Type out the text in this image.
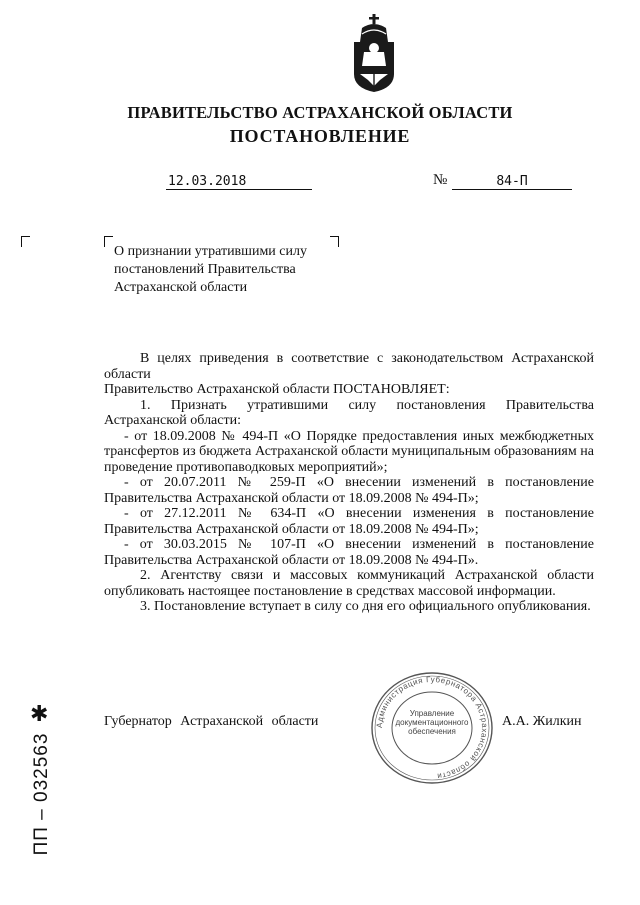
ПРАВИТЕЛЬСТВО АСТРАХАНСКОЙ ОБЛАСТИ
ПОСТАНОВЛЕНИЕ
12.03.2018	№	84-П
О признании утратившими силу
постановлений Правительства
Астраханской области

В целях приведения в соответствие с законодательством Астраханской области

Правительство Астраханской области ПОСТАНОВЛЯЕТ:

1. Признать утратившими силу постановления Правительства Астраханской области:

- от 18.09.2008 № 494-П «О Порядке предоставления иных межбюджетных трансфертов из бюджета Астраханской области муниципальным образованиям на проведение противопаводковых мероприятий»;

- от 20.07.2011 № 259-П «О внесении изменений в постановление Правительства Астраханской области от 18.09.2008 № 494-П»;

- от 27.12.2011 № 634-П «О внесении изменения в постановление Правительства Астраханской области от 18.09.2008 № 494-П»;

- от 30.03.2015 № 107-П «О внесении изменений в постановление Правительства Астраханской области от 18.09.2008 № 494-П».

2. Агентству связи и массовых коммуникаций Астраханской области опубликовать настоящее постановление в средствах массовой информации.

3. Постановление вступает в силу со дня его официального опубликования.

Губернатор Астраханской области	А.А. Жилкин
Администрация Губернатора Астраханской области
Управление документационного обеспечения
✱
ПП – 032563
